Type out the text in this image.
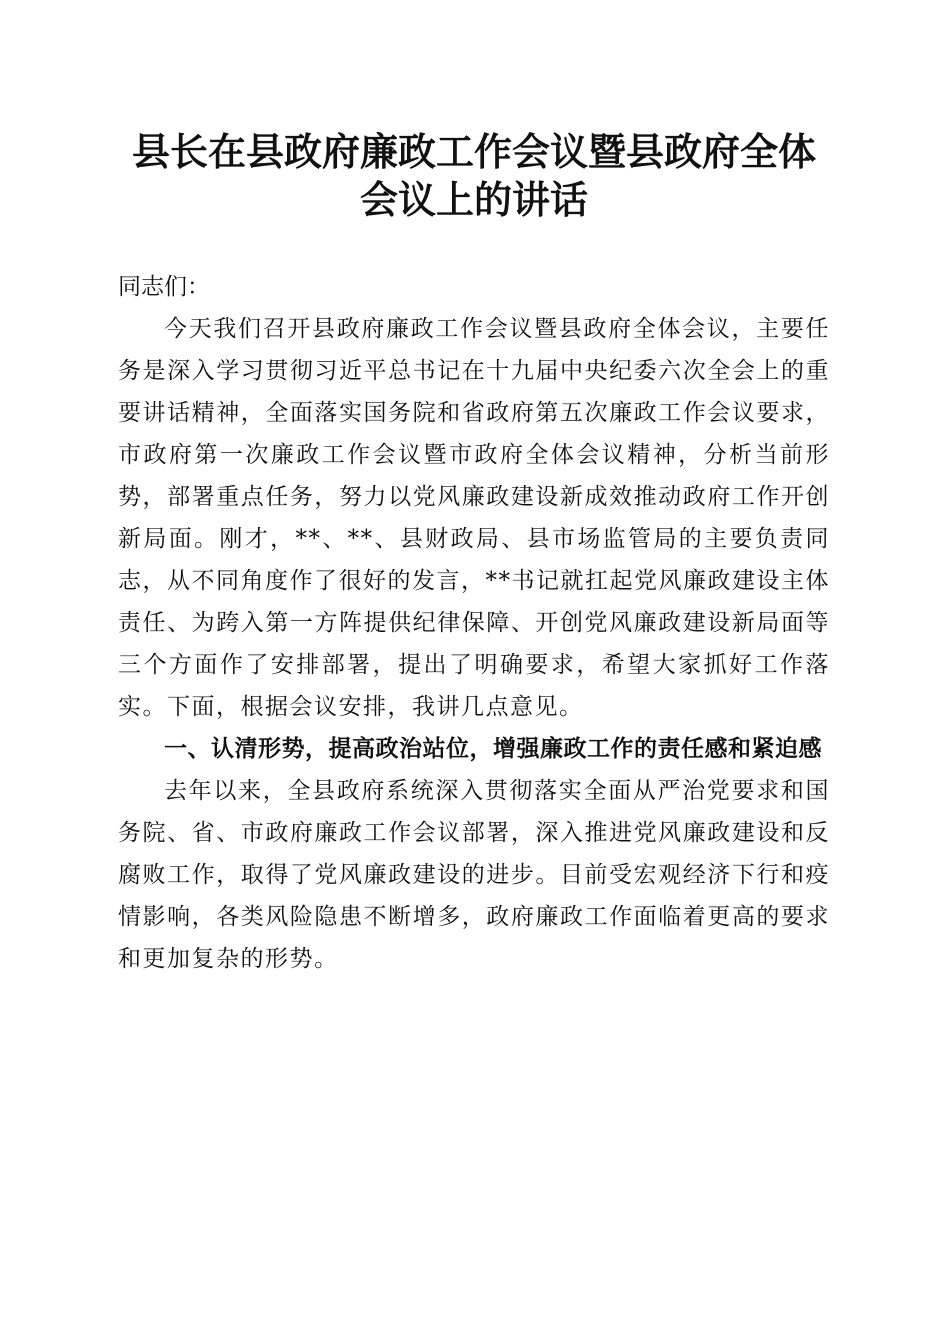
县长在县政府廉政工作会议暨县政府全体会议上的讲话

同志们：

今天我们召开县政府廉政工作会议暨县政府全体会议，主要任务是深入学习贯彻习近平总书记在十九届中央纪委六次全会上的重要讲话精神，全面落实国务院和省政府第五次廉政工作会议要求，市政府第一次廉政工作会议暨市政府全体会议精神，分析当前形势，部署重点任务，努力以党风廉政建设新成效推动政府工作开创新局面。刚才，**、**、县财政局、县市场监管局的主要负责同志，从不同角度作了很好的发言，**书记就扛起党风廉政建设主体责任、为跨入第一方阵提供纪律保障、开创党风廉政建设新局面等三个方面作了安排部署，提出了明确要求，希望大家抓好工作落实。下面，根据会议安排，我讲几点意见。

一、认清形势，提高政治站位，增强廉政工作的责任感和紧迫感

去年以来，全县政府系统深入贯彻落实全面从严治党要求和国务院、省、市政府廉政工作会议部署，深入推进党风廉政建设和反腐败工作，取得了党风廉政建设的进步。目前受宏观经济下行和疫情影响，各类风险隐患不断增多，政府廉政工作面临着更高的要求和更加复杂的形势。
